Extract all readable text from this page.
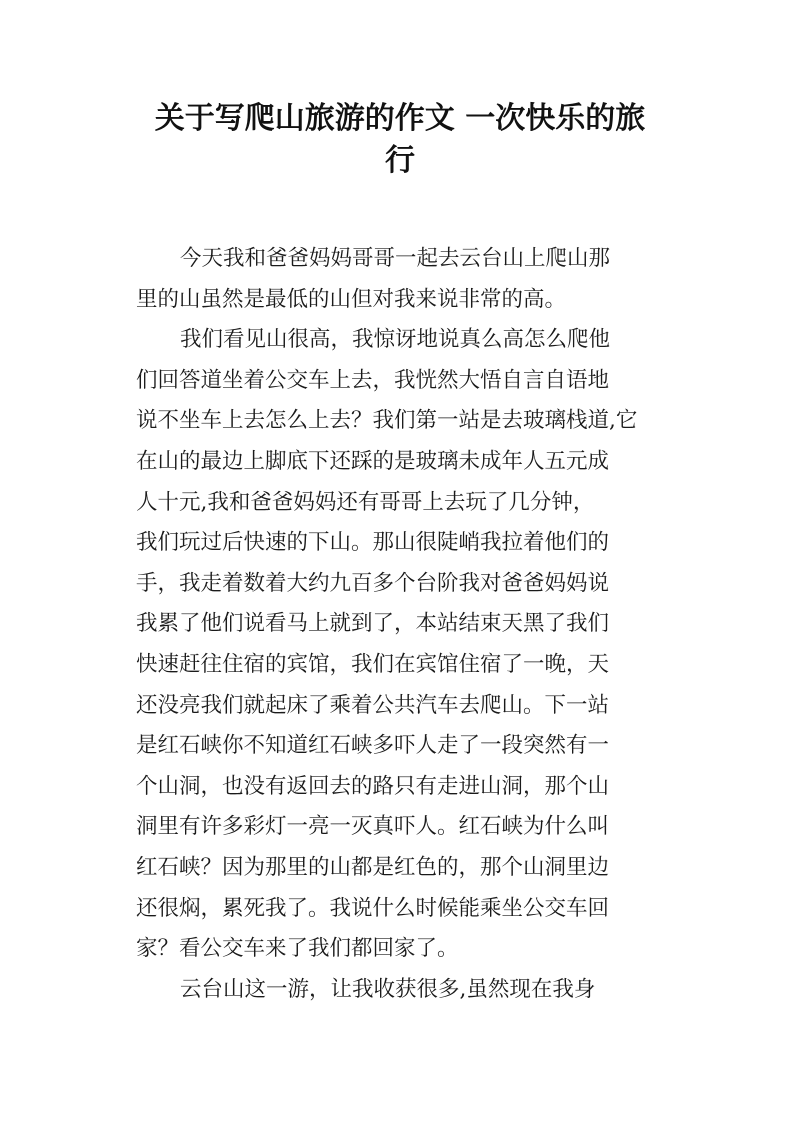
关于写爬山旅游的作文 一次快乐的旅
行
今天我和爸爸妈妈哥哥一起去云台山上爬山那
里的山虽然是最低的山但对我来说非常的高。
我们看见山很高，我惊讶地说真么高怎么爬他
们回答道坐着公交车上去，我恍然大悟自言自语地
说不坐车上去怎么上去？我们第一站是去玻璃栈道,它
在山的最边上脚底下还踩的是玻璃未成年人五元成
人十元,我和爸爸妈妈还有哥哥上去玩了几分钟，
我们玩过后快速的下山。那山很陡峭我拉着他们的
手，我走着数着大约九百多个台阶我对爸爸妈妈说
我累了他们说看马上就到了，本站结束天黑了我们
快速赶往住宿的宾馆，我们在宾馆住宿了一晚，天
还没亮我们就起床了乘着公共汽车去爬山。下一站
是红石峡你不知道红石峡多吓人走了一段突然有一
个山洞，也没有返回去的路只有走进山洞，那个山
洞里有许多彩灯一亮一灭真吓人。红石峡为什么叫
红石峡？因为那里的山都是红色的，那个山洞里边
还很焖，累死我了。我说什么时候能乘坐公交车回
家？看公交车来了我们都回家了。
云台山这一游，让我收获很多,虽然现在我身
